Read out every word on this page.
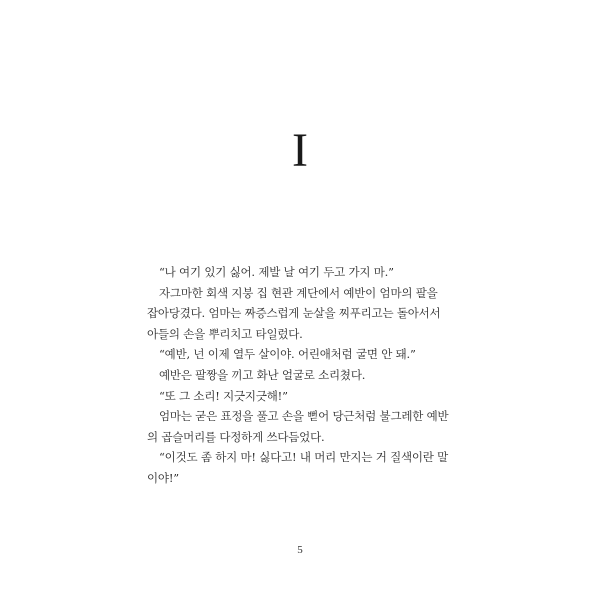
I
“나 여기 있기 싫어. 제발 날 여기 두고 가지 마.”
자그마한 회색 지붕 집 현관 계단에서 예반이 엄마의 팔을
잡아당겼다. 엄마는 짜증스럽게 눈살을 찌푸리고는 돌아서서
아들의 손을 뿌리치고 타일렀다.
“예반, 넌 이제 열두 살이야. 어린애처럼 굴면 안 돼.”
예반은 팔짱을 끼고 화난 얼굴로 소리쳤다.
“또 그 소리! 지긋지긋해!”
엄마는 굳은 표정을 풀고 손을 뻗어 당근처럼 불그레한 예반
의 곱슬머리를 다정하게 쓰다듬었다.
“이것도 좀 하지 마! 싫다고! 내 머리 만지는 거 질색이란 말
이야!”
5
